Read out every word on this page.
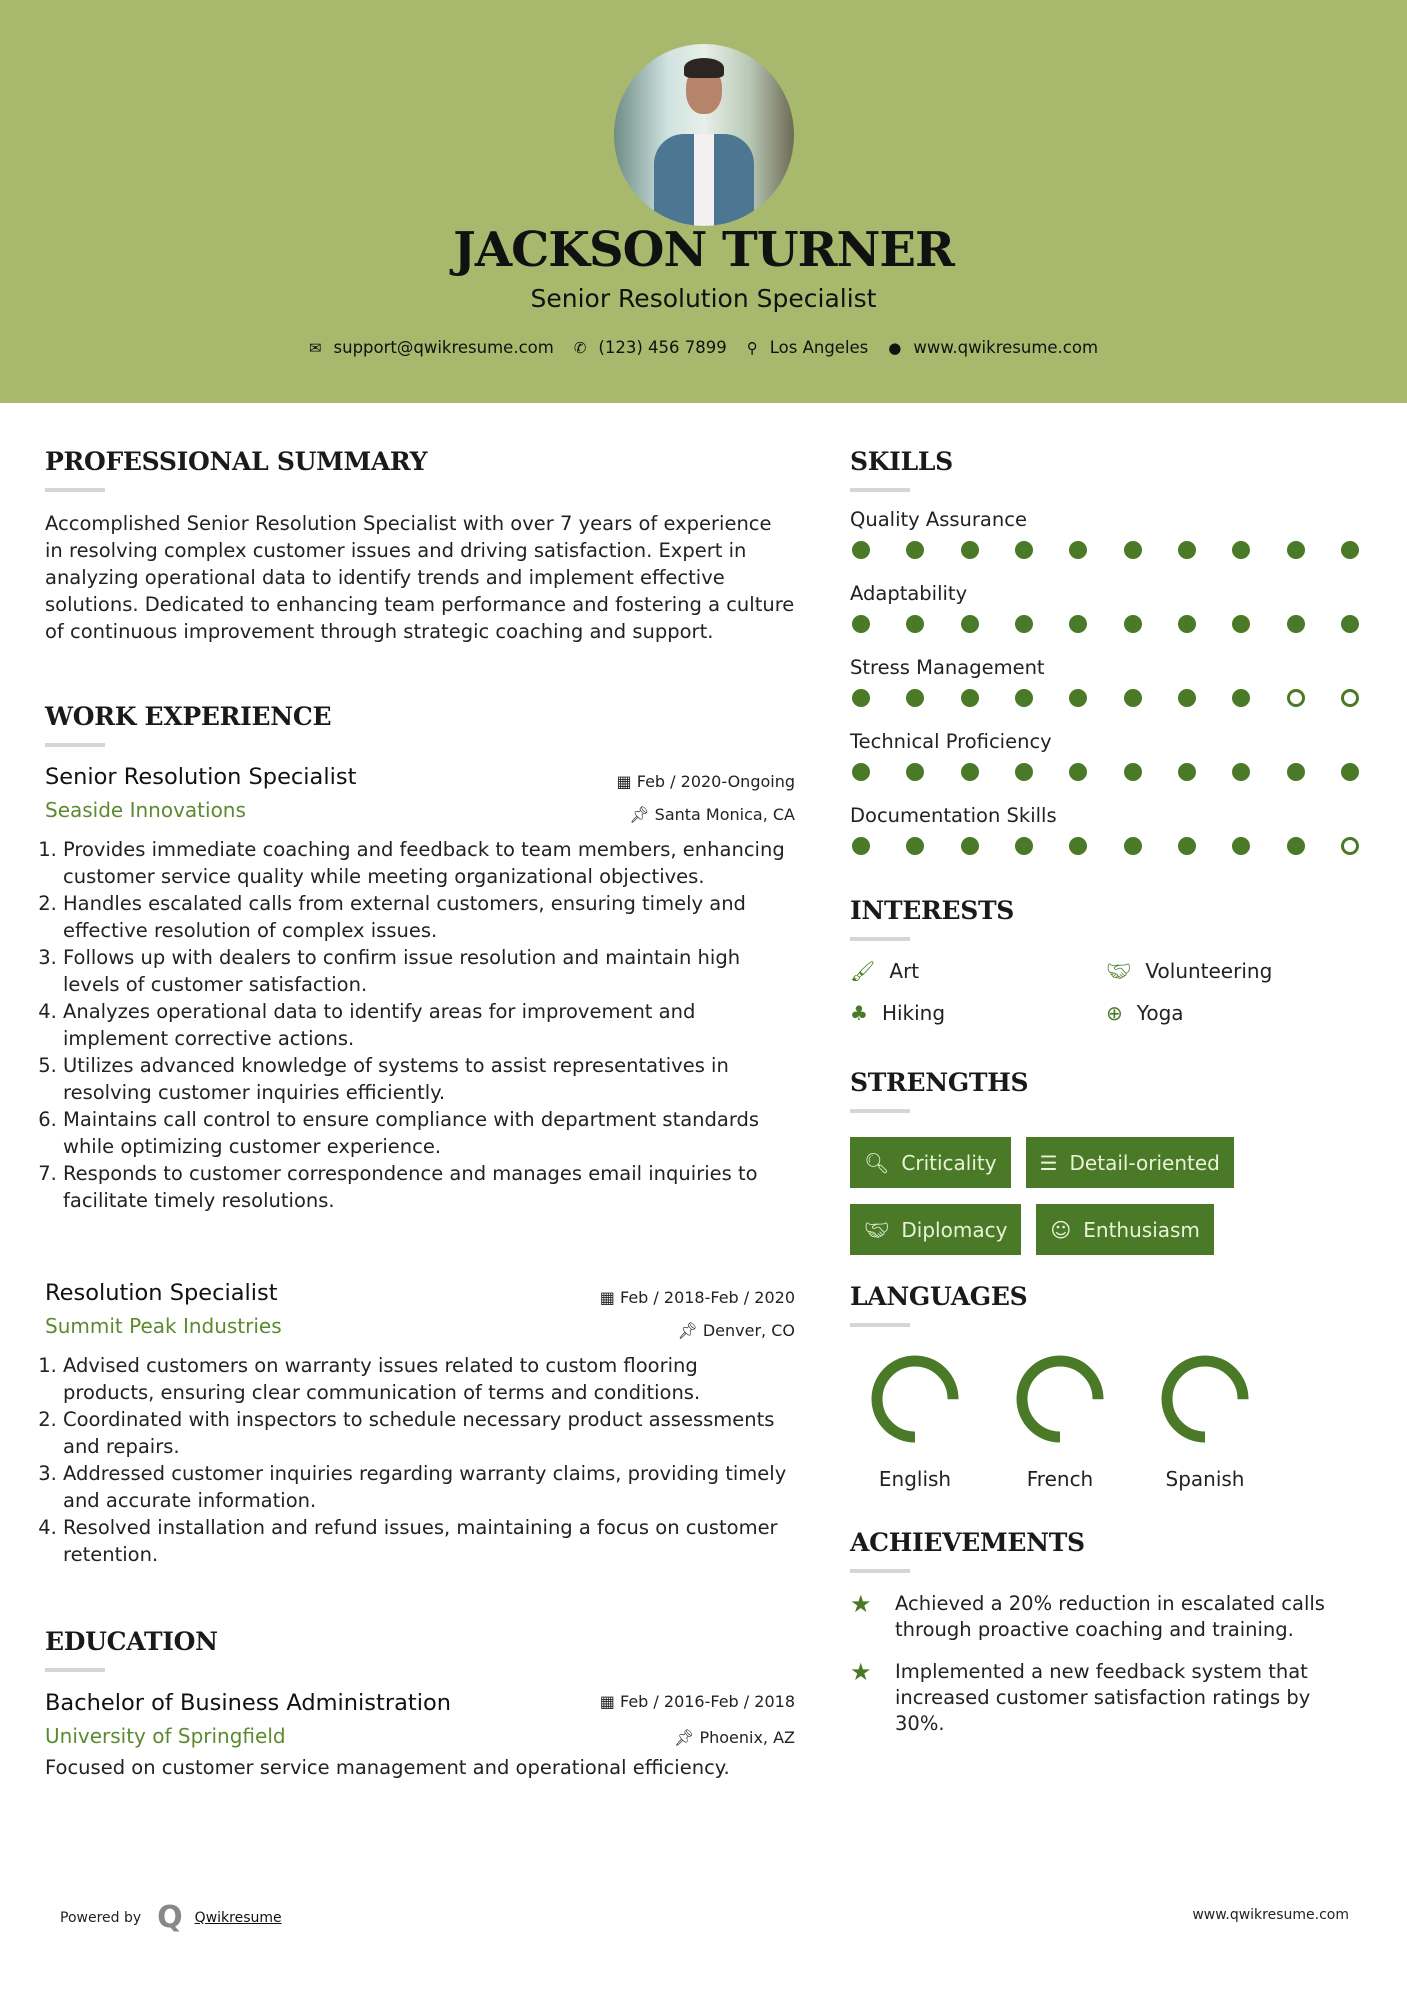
JACKSON TURNER
Senior Resolution Specialist
✉ support@qwikresume.com ✆ (123) 456 7899 ⚲ Los Angeles ● www.qwikresume.com
PROFESSIONAL SUMMARY
Accomplished Senior Resolution Specialist with over 7 years of experience in resolving complex customer issues and driving satisfaction. Expert in analyzing operational data to identify trends and implement effective solutions. Dedicated to enhancing team performance and fostering a culture of continuous improvement through strategic coaching and support.
WORK EXPERIENCE
Senior Resolution Specialist	▦ Feb / 2020-Ongoing
Seaside Innovations	📌︎ Santa Monica, CA
1. Provides immediate coaching and feedback to team members, enhancing customer service quality while meeting organizational objectives.
2. Handles escalated calls from external customers, ensuring timely and effective resolution of complex issues.
3. Follows up with dealers to confirm issue resolution and maintain high levels of customer satisfaction.
4. Analyzes operational data to identify areas for improvement and implement corrective actions.
5. Utilizes advanced knowledge of systems to assist representatives in resolving customer inquiries efficiently.
6. Maintains call control to ensure compliance with department standards while optimizing customer experience.
7. Responds to customer correspondence and manages email inquiries to facilitate timely resolutions.
Resolution Specialist	▦ Feb / 2018-Feb / 2020
Summit Peak Industries	📌︎ Denver, CO
1. Advised customers on warranty issues related to custom flooring products, ensuring clear communication of terms and conditions.
2. Coordinated with inspectors to schedule necessary product assessments and repairs.
3. Addressed customer inquiries regarding warranty claims, providing timely and accurate information.
4. Resolved installation and refund issues, maintaining a focus on customer retention.
EDUCATION
Bachelor of Business Administration	▦ Feb / 2016-Feb / 2018
University of Springfield	📌︎ Phoenix, AZ
Focused on customer service management and operational efficiency.
SKILLS
Quality Assurance
Adaptability
Stress Management
Technical Proficiency
Documentation Skills
INTERESTS
🖌︎ Art	🤝︎ Volunteering
♣ Hiking	⊕ Yoga
STRENGTHS
🔍︎ Criticality ☰ Detail-oriented
🤝︎ Diplomacy ☺ Enthusiasm
LANGUAGES
English	French	Spanish
ACHIEVEMENTS
★	Achieved a 20% reduction in escalated calls through proactive coaching and training.
★	Implemented a new feedback system that increased customer satisfaction ratings by 30%.
Powered by Q Qwikresume	www.qwikresume.com
